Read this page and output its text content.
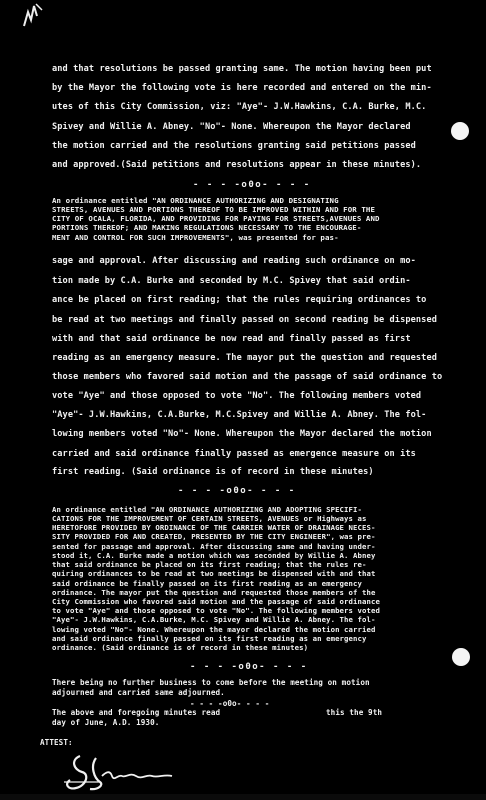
and that resolutions be passed granting same. The motion having been put
by the Mayor the following vote is here recorded and entered on the min-
utes of this City Commission, viz: "Aye"- J.W.Hawkins, C.A. Burke, M.C.
Spivey and Willie A. Abney. "No"- None. Whereupon the Mayor declared
the motion carried and the resolutions granting said petitions passed
and approved.(Said petitions and resolutions appear in these minutes).
- - - -o0o- - - -
An ordinance entitled "AN ORDINANCE AUTHORIZING AND DESIGNATING
STREETS, AVENUES AND PORTIONS THEREOF TO BE IMPROVED WITHIN AND FOR THE
CITY OF OCALA, FLORIDA, AND PROVIDING FOR PAYING FOR STREETS,AVENUES AND
PORTIONS THEREOF; AND MAKING REGULATIONS NECESSARY TO THE ENCOURAGE-
MENT AND CONTROL FOR SUCH IMPROVEMENTS", was presented for pas-
sage and approval. After discussing and reading such ordinance on mo-
tion made by C.A. Burke and seconded by M.C. Spivey that said ordin-
ance be placed on first reading; that the rules requiring ordinances to
be read at two meetings and finally passed on second reading be dispensed
with and that said ordinance be now read and finally passed as first
reading as an emergency measure. The mayor put the question and requested
those members who favored said motion and the passage of said ordinance to
vote "Aye" and those opposed to vote "No". The following members voted
"Aye"- J.W.Hawkins, C.A.Burke, M.C.Spivey and Willie A. Abney. The fol-
lowing members voted "No"- None. Whereupon the Mayor declared the motion
carried and said ordinance finally passed as emergence measure on its
first reading. (Said ordinance is of record in these minutes)
- - - -o0o- - - -
An ordinance entitled "AN ORDINANCE AUTHORIZING AND ADOPTING SPECIFI-
CATIONS FOR THE IMPROVEMENT OF CERTAIN STREETS, AVENUES or Highways as
HERETOFORE PROVIDED BY ORDINANCE OF THE CARRIER WATER OF DRAINAGE NECES-
SITY PROVIDED FOR AND CREATED, PRESENTED BY THE CITY ENGINEER", was pre-
sented for passage and approval. After discussing same and having under-
stood it, C.A. Burke made a motion which was seconded by Willie A. Abney
that said ordinance be placed on its first reading; that the rules re-
quiring ordinances to be read at two meetings be dispensed with and that
said ordinance be finally passed on its first reading as an emergency
ordinance. The mayor put the question and requested those members of the
City Commission who favored said motion and the passage of said ordinance
to vote "Aye" and those opposed to vote "No". The following members voted
"Aye"- J.W.Hawkins, C.A.Burke, M.C. Spivey and Willie A. Abney. The fol-
lowing voted "No"- None. Whereupon the mayor declared the motion carried
and said ordinance finally passed on its first reading as an emergency
ordinance. (Said ordinance is of record in these minutes)
- - - -o0o- - - -
There being no further business to come before the meeting on motion
adjourned and carried same adjourned.
- - - -o0o- - - -
The above and foregoing minutes read	this the 9th
day of June, A.D. 1930.
ATTEST:
